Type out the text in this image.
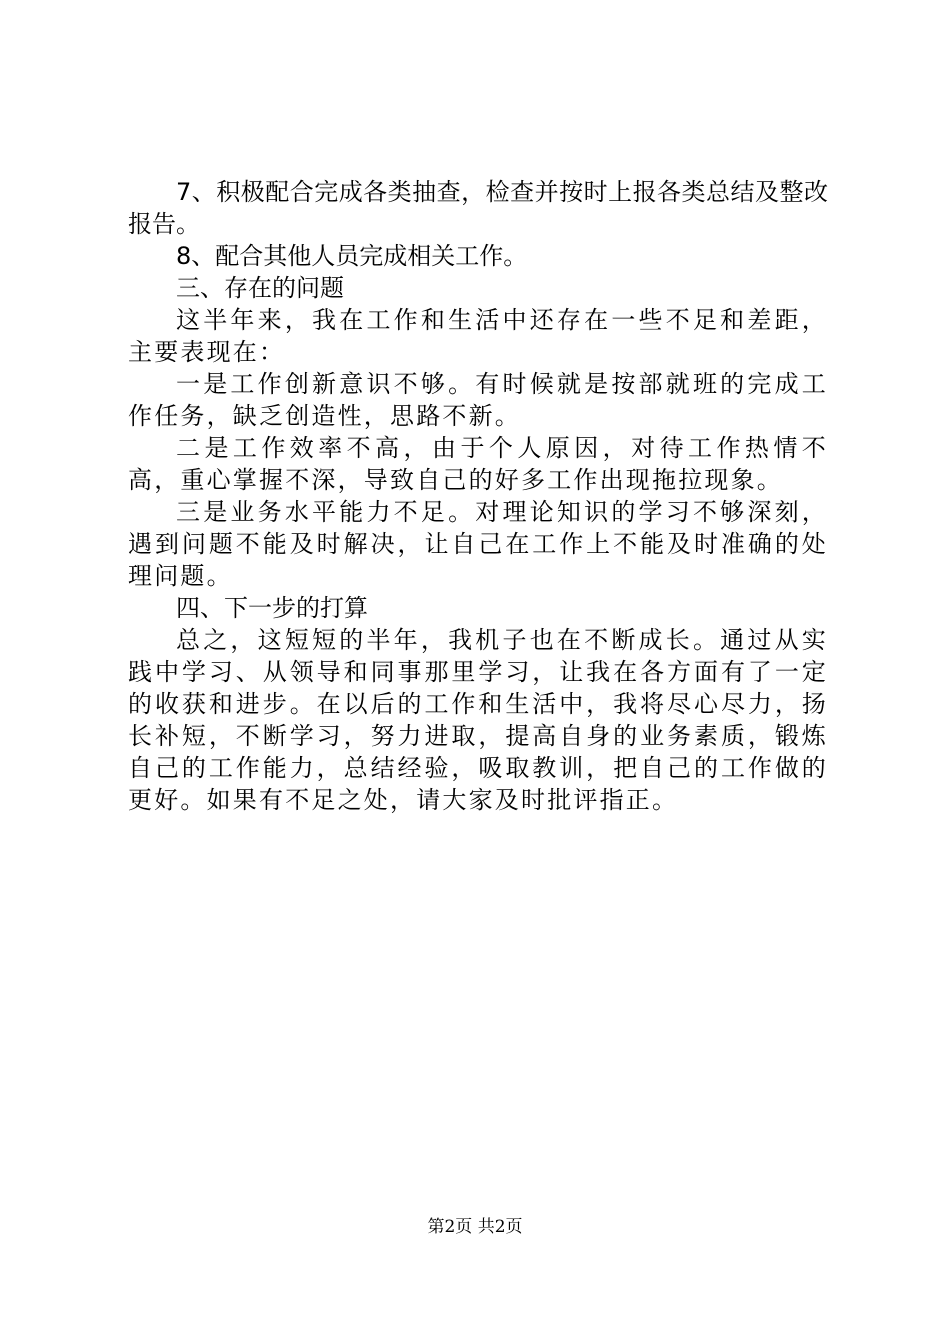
7、积极配合完成各类抽查，检查并按时上报各类总结及整改报告。

8、配合其他人员完成相关工作。

三、存在的问题

这半年来，我在工作和生活中还存在一些不足和差距，主要表现在：

一是工作创新意识不够。有时候就是按部就班的完成工作任务，缺乏创造性，思路不新。

二是工作效率不高，由于个人原因，对待工作热情不高，重心掌握不深，导致自己的好多工作出现拖拉现象。

三是业务水平能力不足。对理论知识的学习不够深刻，遇到问题不能及时解决，让自己在工作上不能及时准确的处理问题。

四、下一步的打算

总之，这短短的半年，我机子也在不断成长。通过从实践中学习、从领导和同事那里学习，让我在各方面有了一定的收获和进步。在以后的工作和生活中，我将尽心尽力，扬长补短，不断学习，努力进取，提高自身的业务素质，锻炼自己的工作能力，总结经验，吸取教训，把自己的工作做的更好。如果有不足之处，请大家及时批评指正。

第2页 共2页
